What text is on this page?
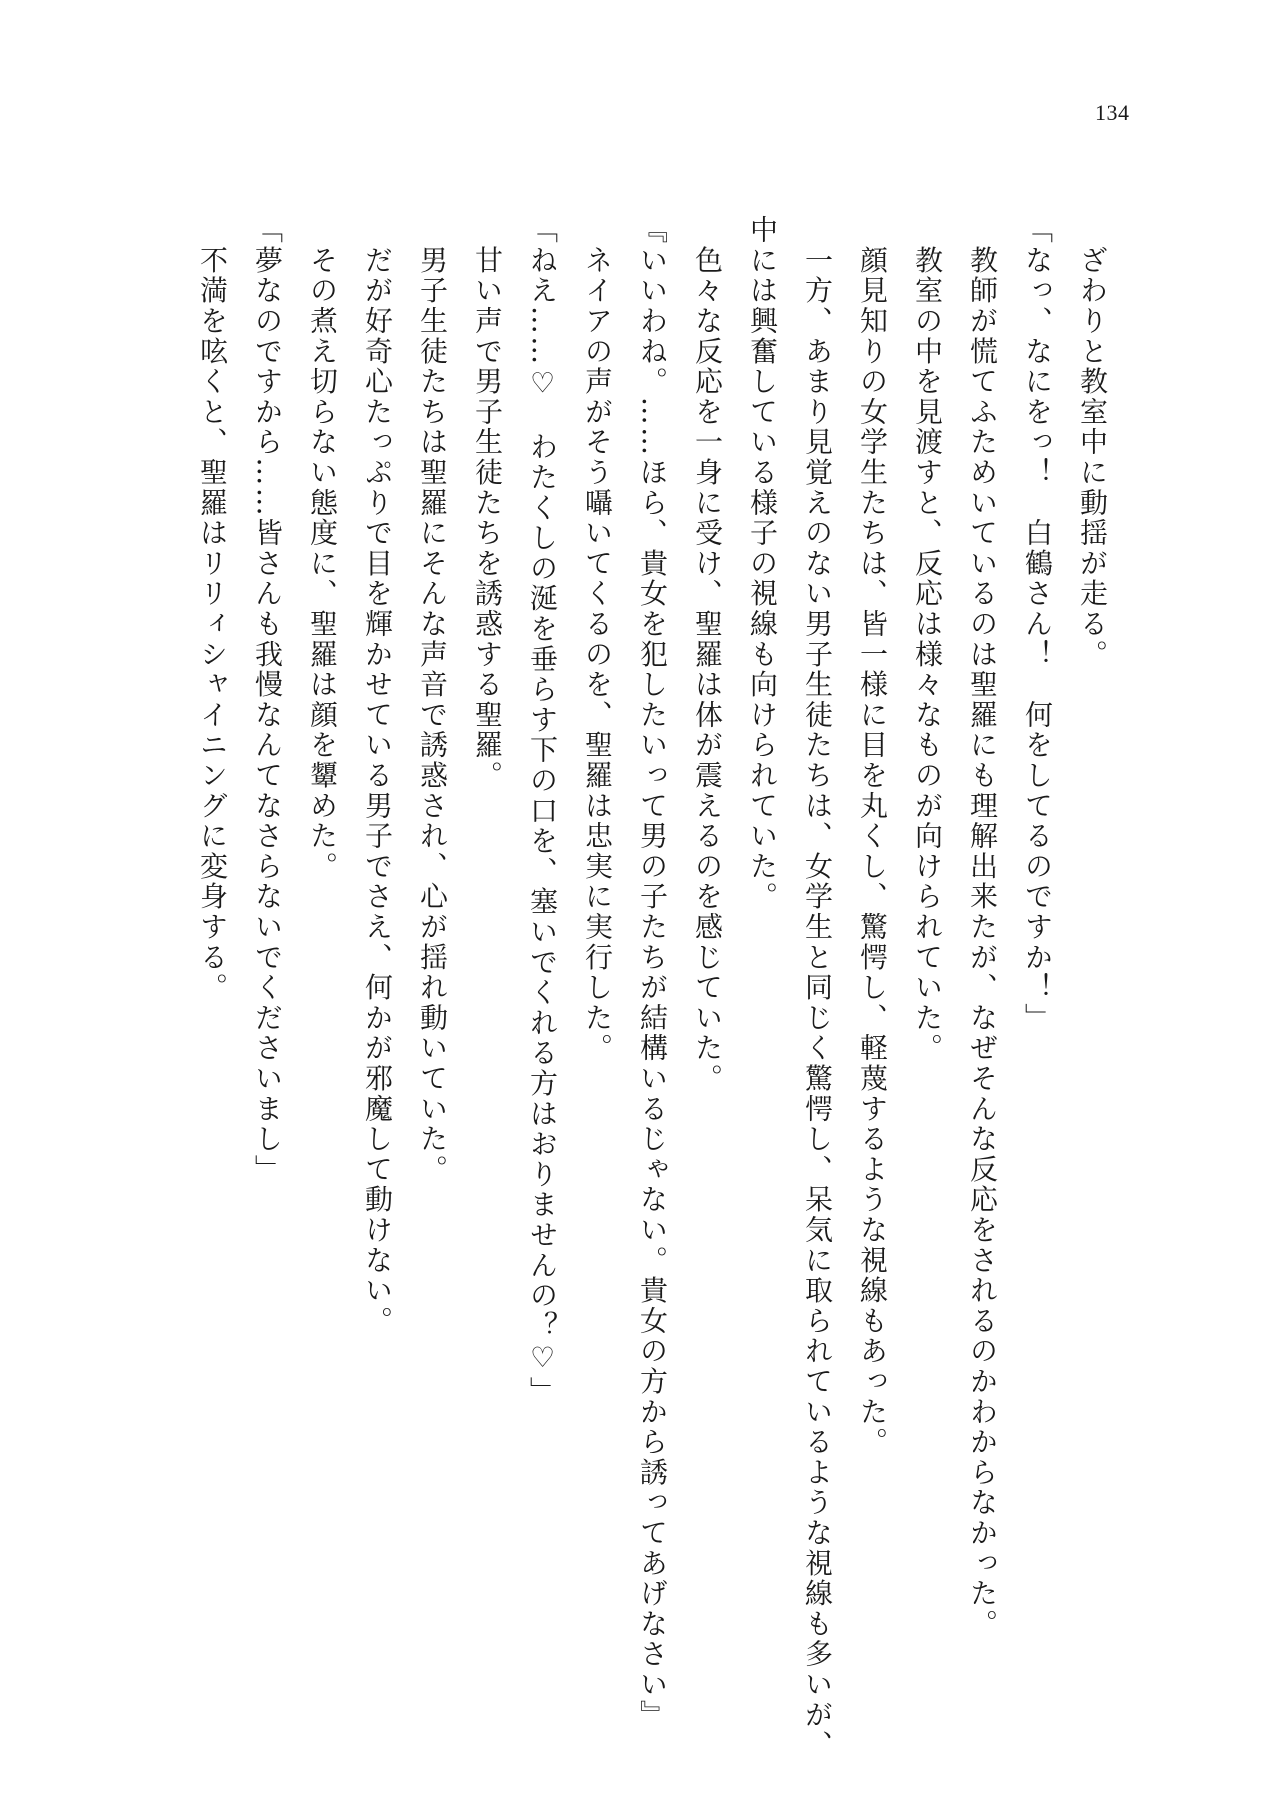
134

　ざわりと教室中に動揺が走る。

「なっ、なにをっ！　白鶴さん！　何をしてるのですか！」

　教師が慌てふためいているのは聖羅にも理解出来たが、なぜそんな反応をされるのかわからなかった。

　教室の中を見渡すと、反応は様々なものが向けられていた。

　顔見知りの女学生たちは、皆一様に目を丸くし、驚愕し、軽蔑するような視線もあった。

　一方、あまり見覚えのない男子生徒たちは、女学生と同じく驚愕し、呆気に取られているような視線も多いが、

中には興奮している様子の視線も向けられていた。

　色々な反応を一身に受け、聖羅は体が震えるのを感じていた。

『いいわね。……ほら、貴女を犯したいって男の子たちが結構いるじゃない。貴女の方から誘ってあげなさい』

　ネイアの声がそう囁いてくるのを、聖羅は忠実に実行した。

「ねえ……♡　わたくしの涎を垂らす下の口を、塞いでくれる方はおりませんの？♡」

　甘い声で男子生徒たちを誘惑する聖羅。

　男子生徒たちは聖羅にそんな声音で誘惑され、心が揺れ動いていた。

　だが好奇心たっぷりで目を輝かせている男子でさえ、何かが邪魔して動けない。

　その煮え切らない態度に、聖羅は顔を顰めた。

「夢なのですから……皆さんも我慢なんてなさらないでくださいまし」

　不満を呟くと、聖羅はリリィシャイニングに変身する。
